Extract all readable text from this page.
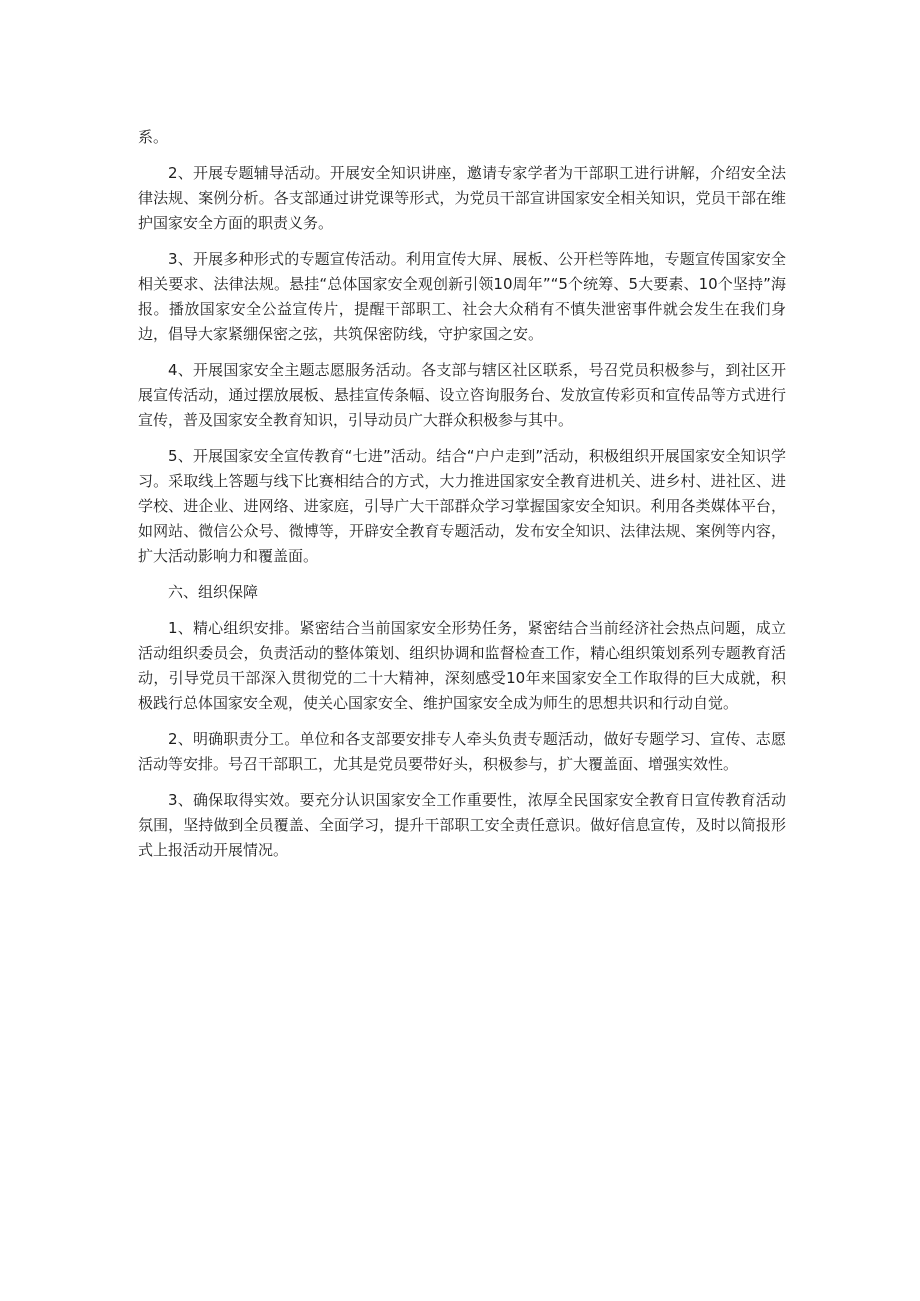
系。

2、开展专题辅导活动。开展安全知识讲座，邀请专家学者为干部职工进行讲解，介绍安全法律法规、案例分析。各支部通过讲党课等形式，为党员干部宣讲国家安全相关知识，党员干部在维护国家安全方面的职责义务。

3、开展多种形式的专题宣传活动。利用宣传大屏、展板、公开栏等阵地，专题宣传国家安全相关要求、法律法规。悬挂“总体国家安全观创新引领10周年”“5个统筹、5大要素、10个坚持”海报。播放国家安全公益宣传片，提醒干部职工、社会大众稍有不慎失泄密事件就会发生在我们身边，倡导大家紧绷保密之弦，共筑保密防线，守护家国之安。

4、开展国家安全主题志愿服务活动。各支部与辖区社区联系，号召党员积极参与，到社区开展宣传活动，通过摆放展板、悬挂宣传条幅、设立咨询服务台、发放宣传彩页和宣传品等方式进行宣传，普及国家安全教育知识，引导动员广大群众积极参与其中。

5、开展国家安全宣传教育“七进”活动。结合“户户走到”活动，积极组织开展国家安全知识学习。采取线上答题与线下比赛相结合的方式，大力推进国家安全教育进机关、进乡村、进社区、进学校、进企业、进网络、进家庭，引导广大干部群众学习掌握国家安全知识。利用各类媒体平台，如网站、微信公众号、微博等，开辟安全教育专题活动，发布安全知识、法律法规、案例等内容，扩大活动影响力和覆盖面。

六、组织保障

1、精心组织安排。紧密结合当前国家安全形势任务，紧密结合当前经济社会热点问题，成立活动组织委员会，负责活动的整体策划、组织协调和监督检查工作，精心组织策划系列专题教育活动，引导党员干部深入贯彻党的二十大精神，深刻感受10年来国家安全工作取得的巨大成就，积极践行总体国家安全观，使关心国家安全、维护国家安全成为师生的思想共识和行动自觉。

2、明确职责分工。单位和各支部要安排专人牵头负责专题活动，做好专题学习、宣传、志愿活动等安排。号召干部职工，尤其是党员要带好头，积极参与，扩大覆盖面、增强实效性。

3、确保取得实效。要充分认识国家安全工作重要性，浓厚全民国家安全教育日宣传教育活动氛围，坚持做到全员覆盖、全面学习，提升干部职工安全责任意识。做好信息宣传，及时以简报形式上报活动开展情况。
